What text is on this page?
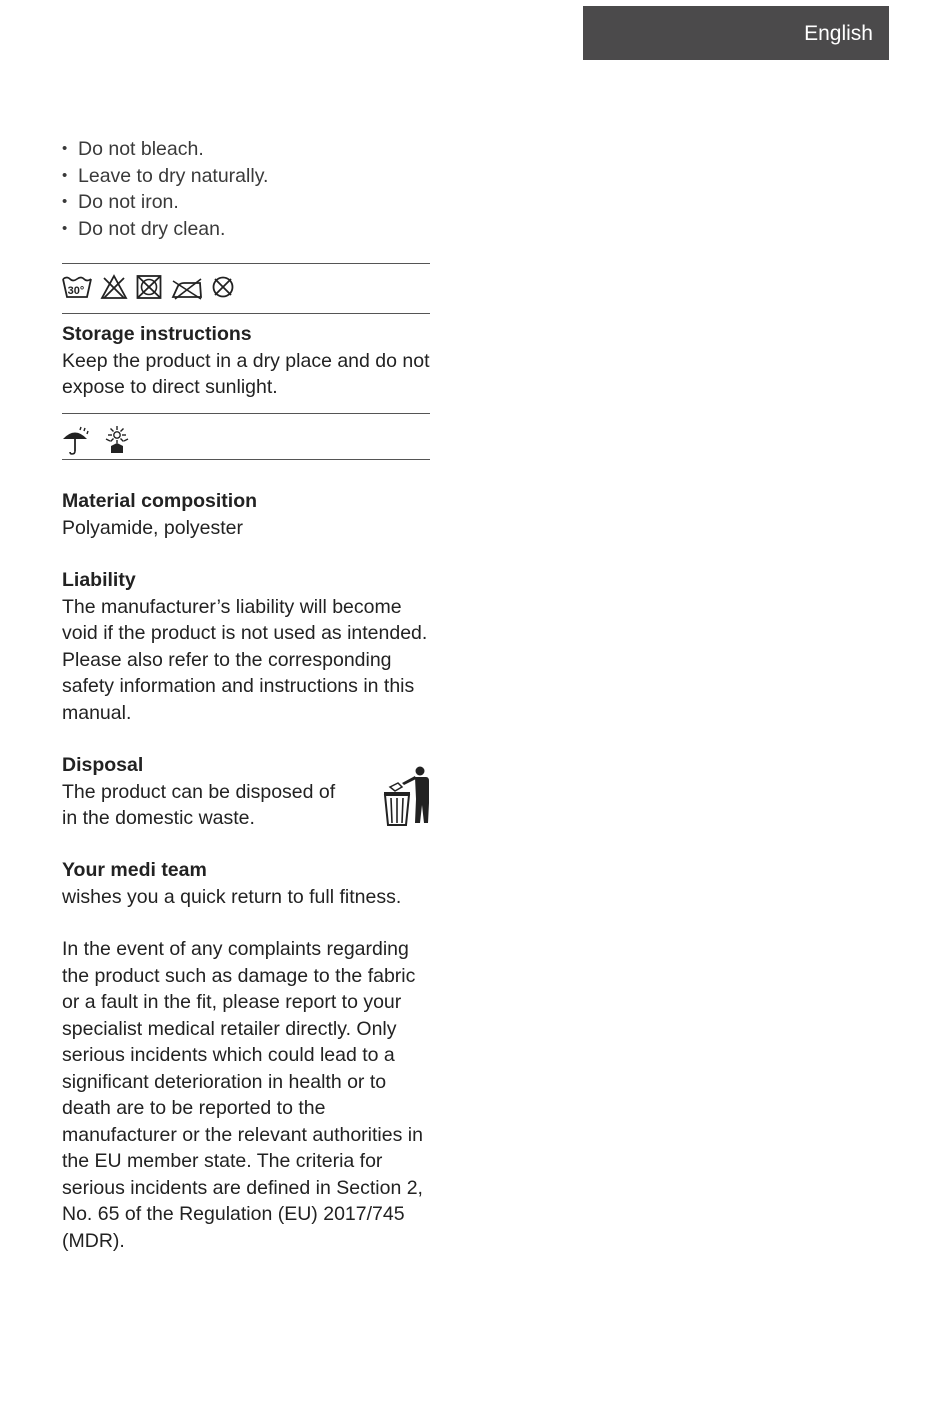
English
• Do not bleach.
• Leave to dry naturally.
• Do not iron.
• Do not dry clean.
30°

Storage instructions

Keep the product in a dry place and do not expose to direct sunlight.

Material composition

Polyamide, polyester

Liability

The manufacturer’s liability will become void if the product is not used as intended. Please also refer to the corresponding safety information and instructions in this manual.

Disposal

The product can be disposed of in the domestic waste.

Your medi team

wishes you a quick return to full fitness.

In the event of any complaints regarding the product such as damage to the fabric or a fault in the fit, please report to your specialist medical retailer directly. Only serious incidents which could lead to a significant deterioration in health or to death are to be reported to the manufacturer or the relevant authorities in the EU member state. The criteria for serious incidents are defined in Section 2, No. 65 of the Regulation (EU) 2017/745 (MDR).
